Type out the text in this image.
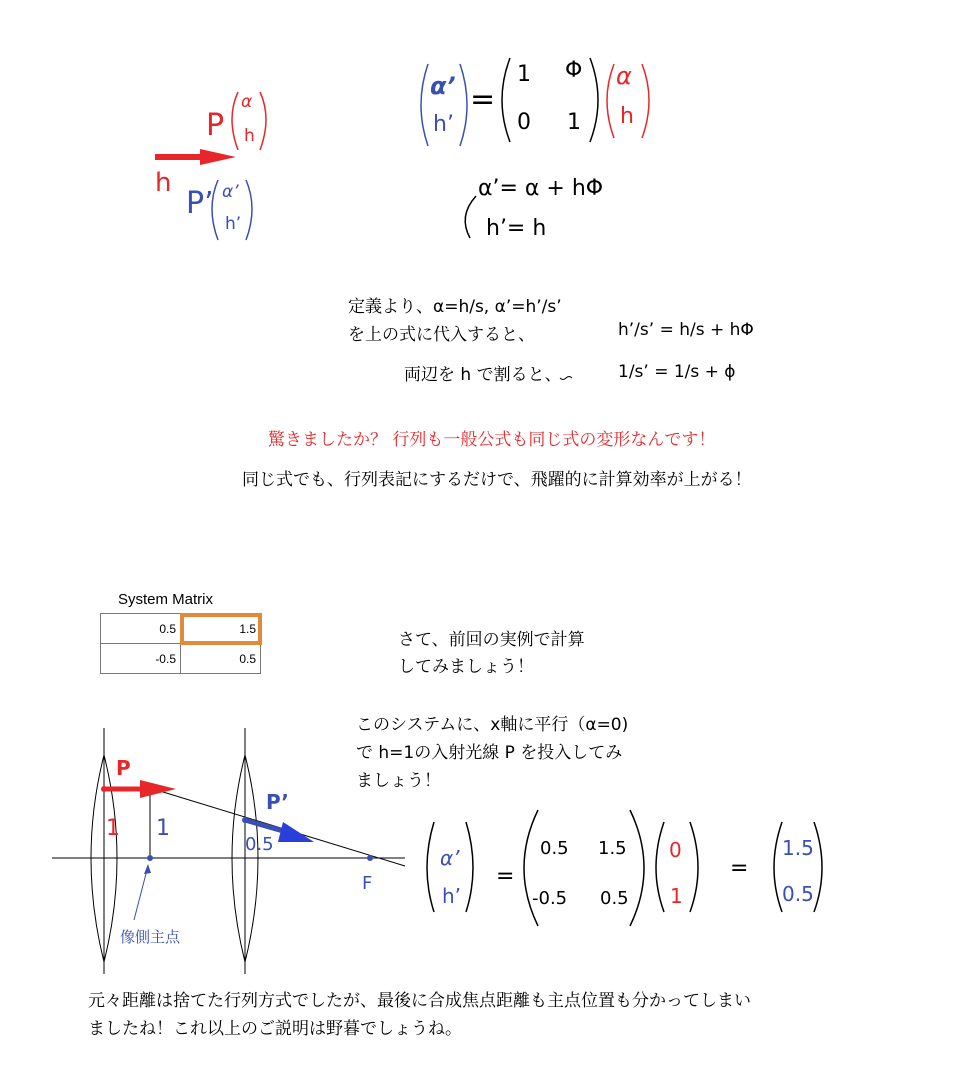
P
α
h
h
P’ α’
h’
α’
h’
=
1 Φ
0 1
α
h
α’= α + hΦ
h’= h
定義より、α=h/s, α’=h’/s’
を上の式に代入すると、	h’/s’ = h/s + hΦ
両辺を h で割ると、	1/s’ = 1/s + ϕ
驚きましたか？ 行列も一般公式も同じ式の変形なんです！
同じ式でも、行列表記にするだけで、飛躍的に計算効率が上がる！
System Matrix
0.5	1.5
-0.5	0.5
さて、前回の実例で計算
してみましょう！
このシステムに、x軸に平行（α=0)
で h=1の入射光線 P を投入してみ
ましょう！
P
P’
1 1
0.5
F
像側主点
α’
h’
=
0.5 1.5
-0.5 0.5
0
1
=
1.5
0.5
元々距離は捨てた行列方式でしたが、最後に合成焦点距離も主点位置も分かってしまい
ましたね！これ以上のご説明は野暮でしょうね。
